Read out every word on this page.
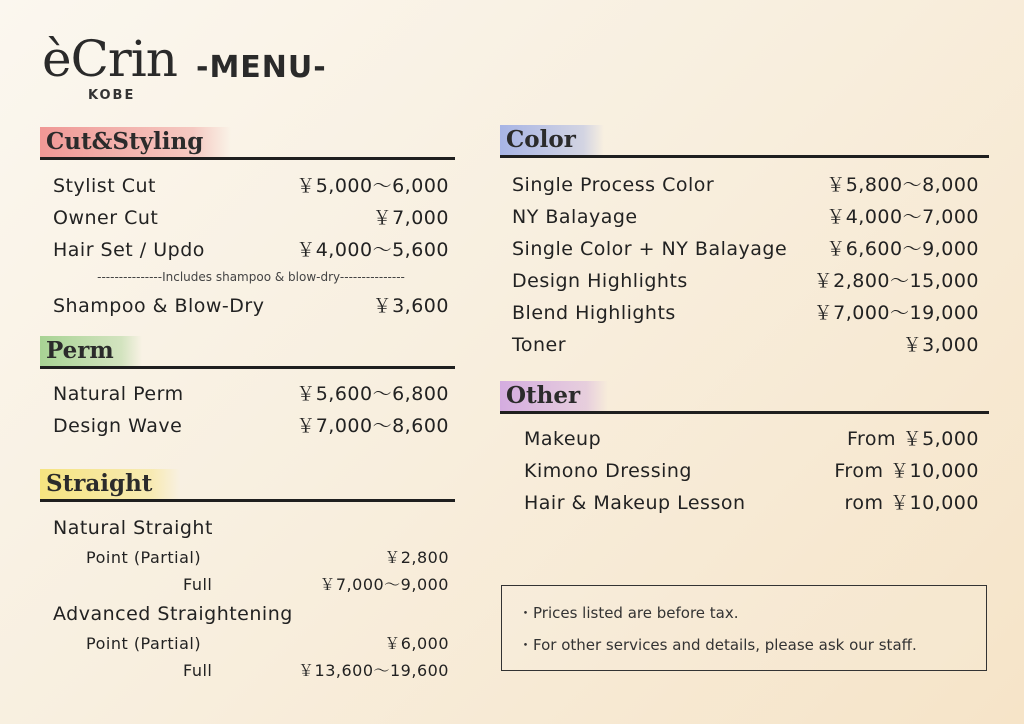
èCrin
KOBE
-MENU-
Cut&Styling
Stylist Cut	￥5,000～6,000
Owner Cut	￥7,000
Hair Set / Updo	￥4,000～5,600
---------------Includes shampoo & blow-dry---------------
Shampoo & Blow-Dry	￥3,600
Perm
Natural Perm	￥5,600～6,800
Design Wave	￥7,000～8,600
Straight
Natural Straight
Point (Partial)	￥2,800
Full	￥7,000～9,000
Advanced Straightening
Point (Partial)	￥6,000
Full	￥13,600～19,600
Color
Single Process Color	￥5,800～8,000
NY Balayage	￥4,000～7,000
Single Color + NY Balayage ￥6,600～9,000
Design Highlights	￥2,800～15,000
Blend Highlights	￥7,000～19,000
Toner	￥3,000
Other
Makeup	From ￥5,000
Kimono Dressing	From ￥10,000
Hair & Makeup Lesson	rom ￥10,000
・Prices listed are before tax.
・For other services and details, please ask our staff.
